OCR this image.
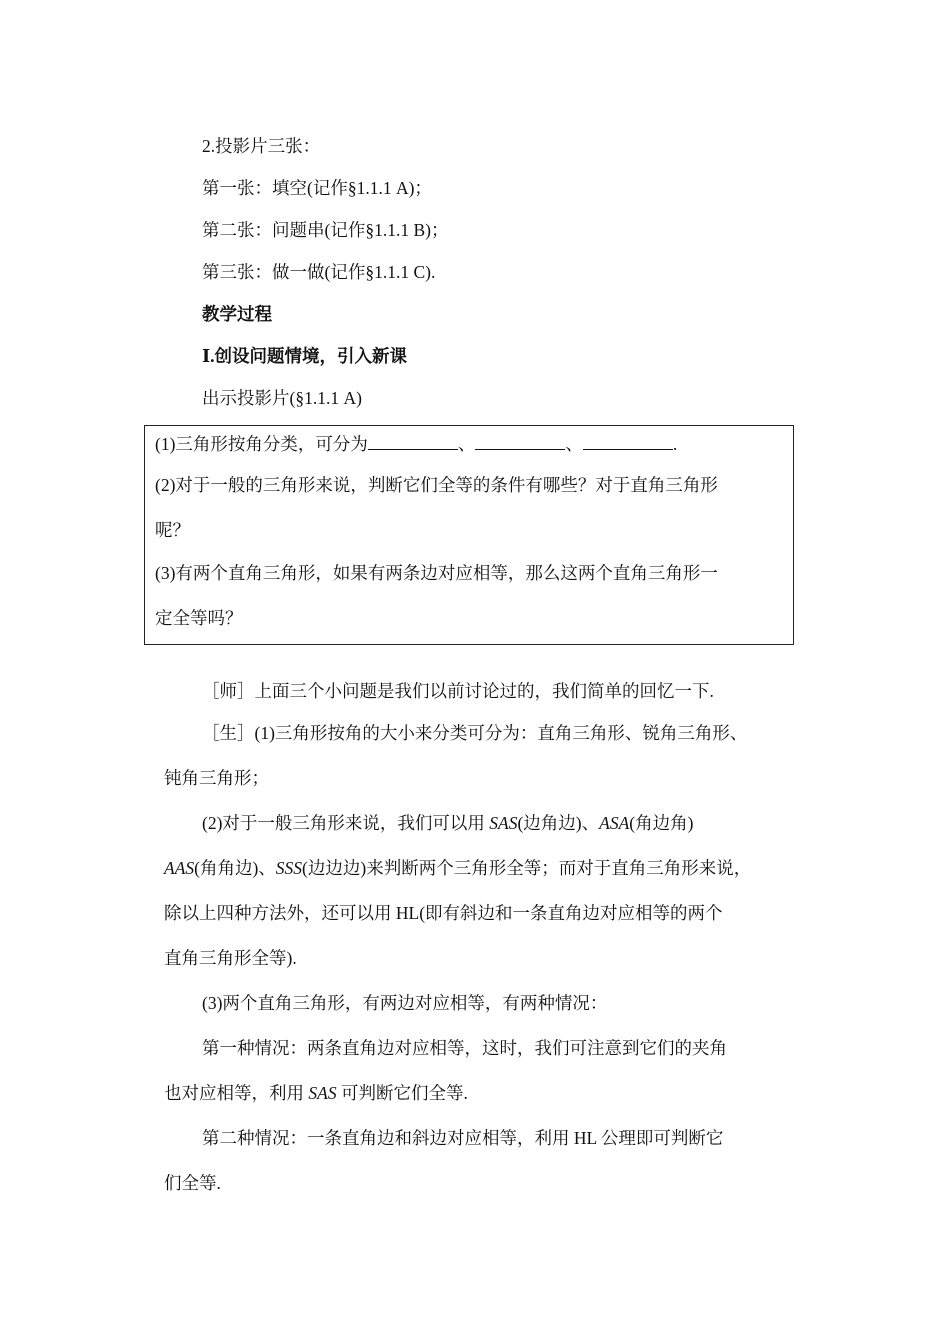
2.投影片三张：
第一张：填空(记作§1.1.1 A)；
第二张：问题串(记作§1.1.1 B)；
第三张：做一做(记作§1.1.1 C).
教学过程
Ⅰ.创设问题情境，引入新课
出示投影片(§1.1.1 A)
(1)三角形按角分类，可分为	、	、	.
(2)对于一般的三角形来说，判断它们全等的条件有哪些？对于直角三角形
呢？
(3)有两个直角三角形，如果有两条边对应相等，那么这两个直角三角形一
定全等吗？
［师］上面三个小问题是我们以前讨论过的，我们简单的回忆一下.
［生］(1)三角形按角的大小来分类可分为：直角三角形、锐角三角形、
钝角三角形；
(2)对于一般三角形来说，我们可以用 SAS(边角边)、ASA(角边角)
AAS(角角边)、SSS(边边边)来判断两个三角形全等；而对于直角三角形来说，
除以上四种方法外，还可以用 HL(即有斜边和一条直角边对应相等的两个
直角三角形全等).
(3)两个直角三角形，有两边对应相等，有两种情况：
第一种情况：两条直角边对应相等，这时，我们可注意到它们的夹角
也对应相等，利用 SAS 可判断它们全等.
第二种情况：一条直角边和斜边对应相等，利用 HL 公理即可判断它
们全等.
